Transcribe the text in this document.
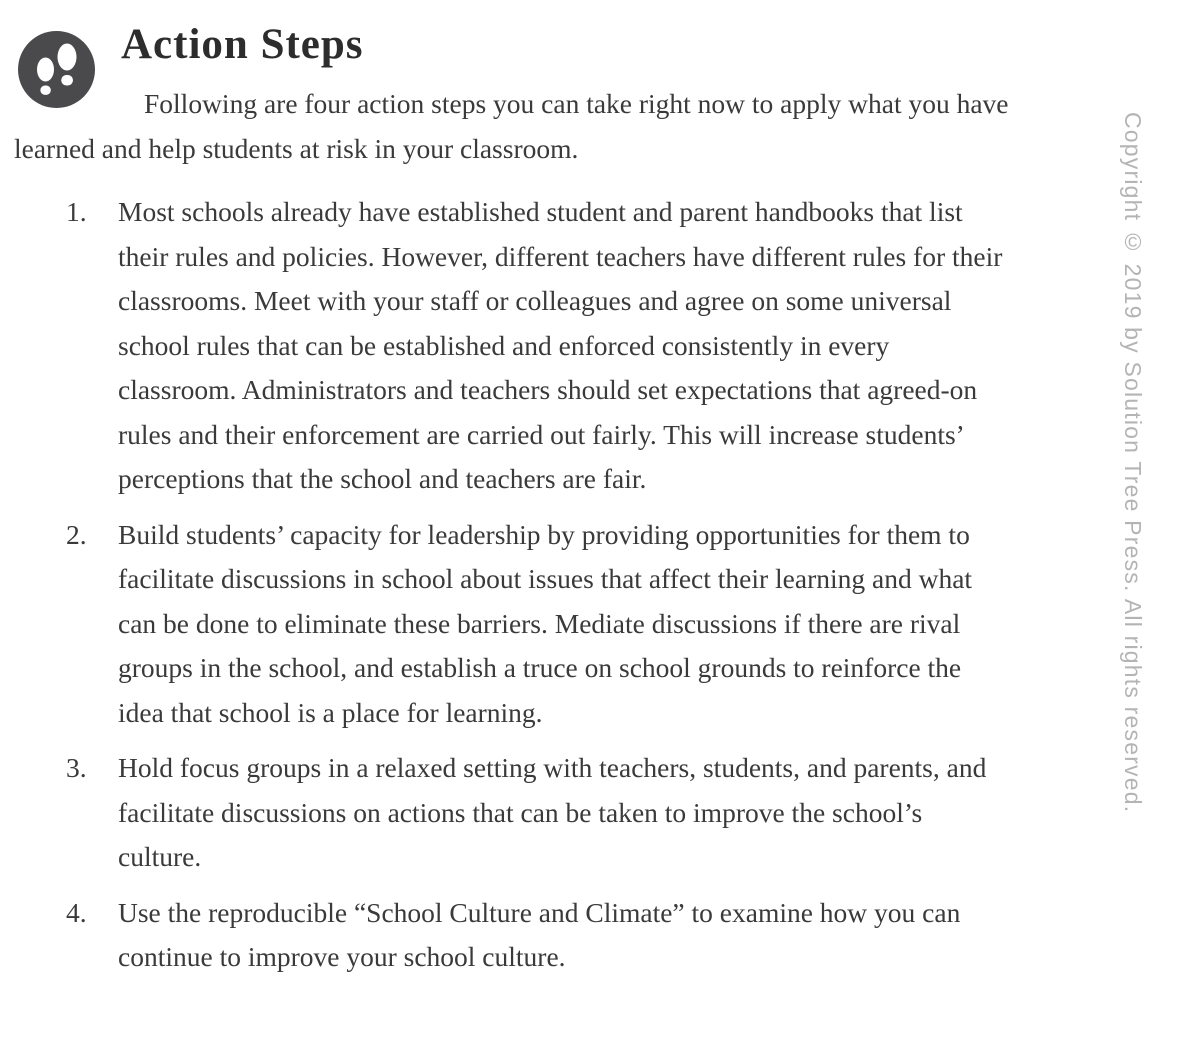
Action Steps

Following are four action steps you can take right now to apply what you have learned and help students at risk in your classroom.

1.	Most schools already have established student and parent handbooks that list their rules and policies. However, different teachers have different rules for their classrooms. Meet with your staff or colleagues and agree on some universal school rules that can be established and enforced consistently in every classroom. Administrators and teachers should set expectations that agreed-on rules and their enforcement are carried out fairly. This will increase students’ perceptions that the school and teachers are fair.
2.	Build students’ capacity for leadership by providing opportunities for them to facilitate discussions in school about issues that affect their learning and what can be done to eliminate these barriers. Mediate discussions if there are rival groups in the school, and establish a truce on school grounds to reinforce the idea that school is a place for learning.
3.	Hold focus groups in a relaxed setting with teachers, students, and parents, and facilitate discussions on actions that can be taken to improve the school’s culture.
4.	Use the reproducible “School Culture and Climate” to examine how you can continue to improve your school culture.
Copyright © 2019 by Solution Tree Press. All rights reserved.
